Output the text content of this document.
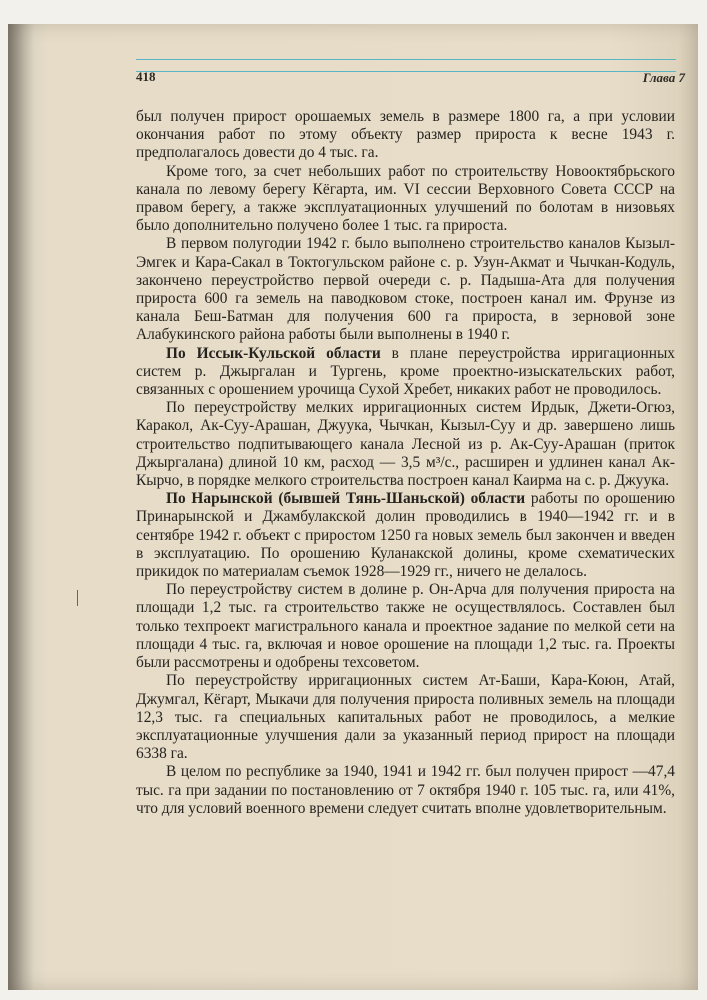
418	Глава 7

был получен прирост орошаемых земель в размере 1800 га, а при условии окончания работ по этому объекту размер прироста к весне 1943 г. предполагалось довести до 4 тыс. га.

Кроме того, за счет небольших работ по строительству Новооктябрьского канала по левому берегу Кёгарта, им. VI сессии Верховного Совета СССР на правом берегу, а также эксплуатационных улучшений по болотам в низовьях было дополнительно получено более 1 тыс. га прироста.

В первом полугодии 1942 г. было выполнено строительство каналов Кызыл-Эмгек и Кара-Сакал в Токтогульском районе с. р. Узун-Акмат и Чычкан-Кодуль, закончено переустройство первой очереди с. р. Падыша-Ата для получения прироста 600 га земель на паводковом стоке, построен канал им. Фрунзе из канала Беш-Батман для получения 600 га прироста, в зерновой зоне Алабукинского района работы были выполнены в 1940 г.

По Иссык-Кульской области в плане переустройства ирригационных систем р. Джыргалан и Тургень, кроме проектно-изыскательских работ, связанных с орошением урочища Сухой Хребет, никаких работ не проводилось.

По переустройству мелких ирригационных систем Ирдык, Джети-Огюз, Каракол, Ак-Суу-Арашан, Джуука, Чычкан, Кызыл-Суу и др. завершено лишь строительство подпитывающего канала Лесной из р. Ак-Суу-Арашан (приток Джыргалана) длиной 10 км, расход — 3,5 м³/с., расширен и удлинен канал Ак-Кырчо, в порядке мелкого строительства построен канал Каирма на с. р. Джуука.

По Нарынской (бывшей Тянь-Шаньской) области работы по орошению Принарынской и Джамбулакской долин проводились в 1940—1942 гг. и в сентябре 1942 г. объект с приростом 1250 га новых земель был закончен и введен в эксплуатацию. По орошению Куланакской долины, кроме схематических прикидок по материалам съемок 1928—1929 гг., ничего не делалось.

По переустройству систем в долине р. Он-Арча для получения прироста на площади 1,2 тыс. га строительство также не осуществлялось. Составлен был только техпроект магистрального канала и проектное задание по мелкой сети на площади 4 тыс. га, включая и новое орошение на площади 1,2 тыс. га. Проекты были рассмотрены и одобрены техсоветом.

По переустройству ирригационных систем Ат-Баши, Кара-Коюн, Атай, Джумгал, Кёгарт, Мыкачи для получения прироста поливных земель на площади 12,3 тыс. га специальных капитальных работ не проводилось, а мелкие эксплуатационные улучшения дали за указанный период прирост на площади 6338 га.

В целом по республике за 1940, 1941 и 1942 гг. был получен прирост —47,4 тыс. га при задании по постановлению от 7 октября 1940 г. 105 тыс. га, или 41%, что для условий военного времени следует считать вполне удовлетворительным.
